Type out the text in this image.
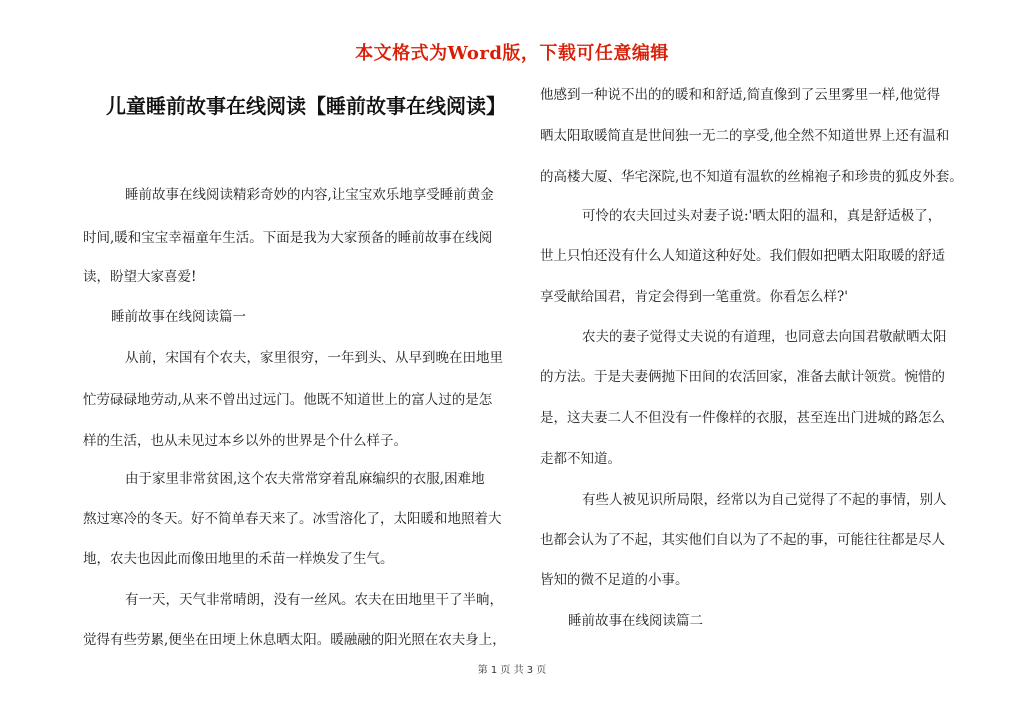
本文格式为Word版，下载可任意编辑
儿童睡前故事在线阅读【睡前故事在线阅读】
睡前故事在线阅读精彩奇妙的内容,让宝宝欢乐地享受睡前黄金
时间,暖和宝宝幸福童年生活。下面是我为大家预备的睡前故事在线阅
读，盼望大家喜爱!
睡前故事在线阅读篇一
从前，宋国有个农夫，家里很穷，一年到头、从早到晚在田地里
忙劳碌碌地劳动,从来不曾出过远门。他既不知道世上的富人过的是怎
样的生活，也从未见过本乡以外的世界是个什么样子。
由于家里非常贫困,这个农夫常常穿着乱麻编织的衣服,困难地
熬过寒冷的冬天。好不简单春天来了。冰雪溶化了，太阳暖和地照着大
地，农夫也因此而像田地里的禾苗一样焕发了生气。
有一天，天气非常晴朗，没有一丝风。农夫在田地里干了半晌，
觉得有些劳累,便坐在田埂上休息晒太阳。暖融融的阳光照在农夫身上，
他感到一种说不出的的暖和和舒适,简直像到了云里雾里一样,他觉得
晒太阳取暖简直是世间独一无二的享受,他全然不知道世界上还有温和
的高楼大厦、华宅深院,也不知道有温软的丝棉袍子和珍贵的狐皮外套。
可怜的农夫回过头对妻子说:'晒太阳的温和，真是舒适极了，
世上只怕还没有什么人知道这种好处。我们假如把晒太阳取暖的舒适
享受献给国君，肯定会得到一笔重赏。你看怎么样?'
农夫的妻子觉得丈夫说的有道理，也同意去向国君敬献晒太阳
的方法。于是夫妻俩抛下田间的农活回家，准备去献计领赏。惋惜的
是，这夫妻二人不但没有一件像样的衣服，甚至连出门进城的路怎么
走都不知道。
有些人被见识所局限，经常以为自己觉得了不起的事情，别人
也都会认为了不起，其实他们自以为了不起的事，可能往往都是尽人
皆知的微不足道的小事。
睡前故事在线阅读篇二
第 1 页 共 3 页
